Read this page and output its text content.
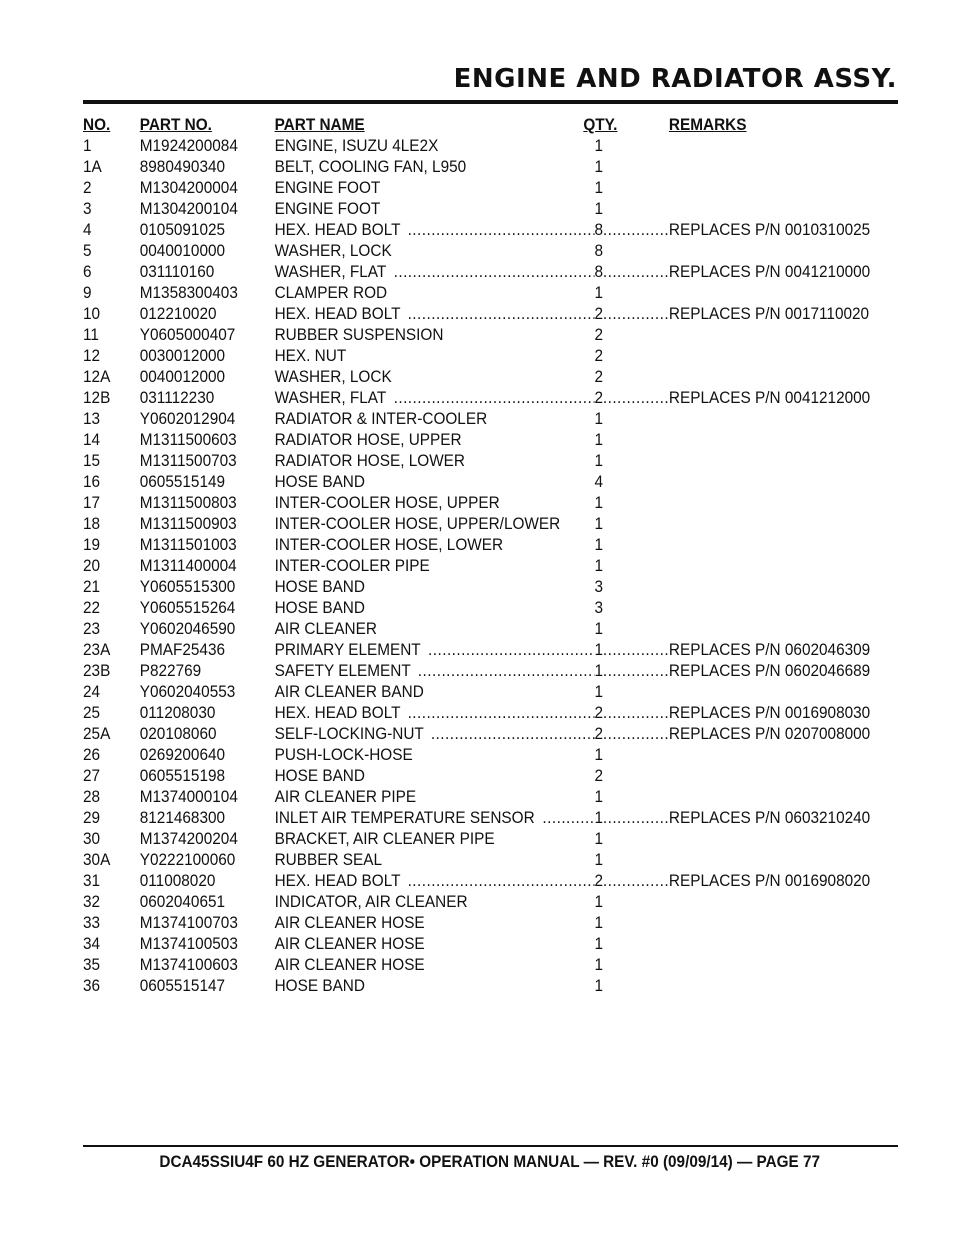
ENGINE AND RADIATOR ASSY.
NO. PART NO.	PART NAME	QTY.	REMARKS
1	M1924200084 ENGINE, ISUZU 4LE2X	1
1A 8980490340	BELT, COOLING FAN, L950	1
2	M1304200004 ENGINE FOOT	1
3	M1304200104 ENGINE FOOT	1
4	0105091025	HEX. HEAD BOLT	8	REPLACES P/N 0010310025
.....
.....
5	0040010000	WASHER, LOCK	8
6	031110160	WASHER, FLAT	8	REPLACES P/N 0041210000
.....
.....
9	M1358300403 CLAMPER ROD	1
10 012210020	HEX. HEAD BOLT	2	REPLACES P/N 0017110020
.....
.....
11 Y0605000407 RUBBER SUSPENSION	2
12 0030012000	HEX. NUT	2
12A 0040012000	WASHER, LOCK	2
12B 031112230	WASHER, FLAT	2	REPLACES P/N 0041212000
.....
.....
13 Y0602012904 RADIATOR & INTER-COOLER	1
14 M1311500603 RADIATOR HOSE, UPPER	1
15 M1311500703 RADIATOR HOSE, LOWER	1
16 0605515149	HOSE BAND	4
17 M1311500803 INTER-COOLER HOSE, UPPER	1
18 M1311500903 INTER-COOLER HOSE, UPPER/LOWER 1
19 M1311501003 INTER-COOLER HOSE, LOWER	1
20 M1311400004 INTER-COOLER PIPE	1
21 Y0605515300 HOSE BAND	3
22 Y0605515264 HOSE BAND	3
23 Y0602046590 AIR CLEANER	1
23A PMAF25436	PRIMARY ELEMENT	1	REPLACES P/N 0602046309
.....
.....
23B P822769	SAFETY ELEMENT	1	REPLACES P/N 0602046689
.....
.....
24 Y0602040553 AIR CLEANER BAND	1
25 011208030	HEX. HEAD BOLT	2	REPLACES P/N 0016908030
.....
.....
25A 020108060	SELF-LOCKING-NUT	2	REPLACES P/N 0207008000
.....
.....
26 0269200640	PUSH-LOCK-HOSE	1
27 0605515198	HOSE BAND	2
28 M1374000104 AIR CLEANER PIPE	1
29 8121468300	INLET AIR TEMPERATURE SENSOR	1	REPLACES P/N 0603210240
.....
.....
30 M1374200204 BRACKET, AIR CLEANER PIPE	1
30A Y0222100060 RUBBER SEAL	1
31 011008020	HEX. HEAD BOLT	2	REPLACES P/N 0016908020
.....
.....
32 0602040651	INDICATOR, AIR CLEANER	1
33 M1374100703 AIR CLEANER HOSE	1
34 M1374100503 AIR CLEANER HOSE	1
35 M1374100603 AIR CLEANER HOSE	1
36 0605515147	HOSE BAND	1

DCA45SSIU4F 60 HZ GENERATOR• OPERATION MANUAL — REV. #0 (09/09/14) — PAGE 77
